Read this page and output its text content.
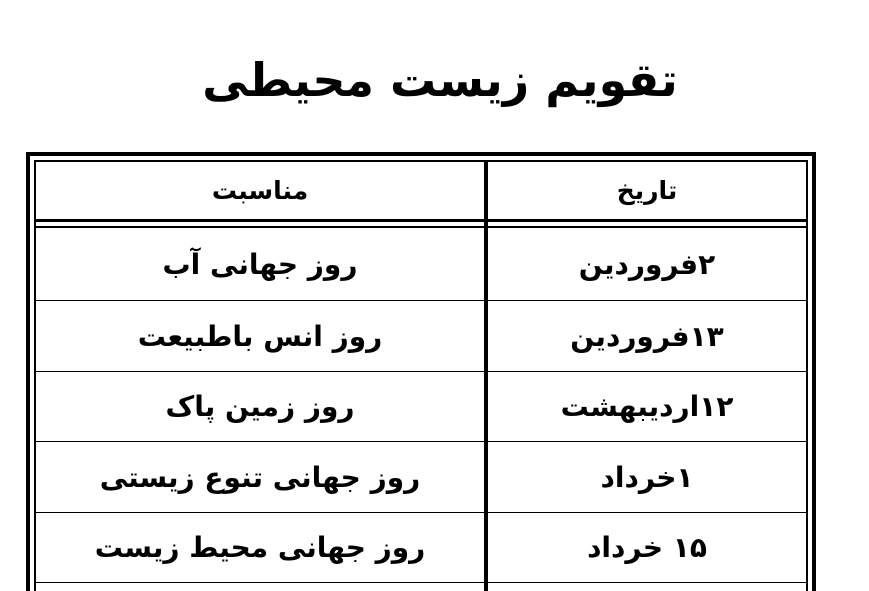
تقویم زیست محیطی
مناسبت	تاریخ
روز جهانی آب	۲فروردین
روز انس باطبیعت	۱۳فروردین
روز زمین پاک	۱۲اردیبهشت
روز جهانی تنوع زیستی	۱خرداد
روز جهانی محیط زیست	۱۵ خرداد
